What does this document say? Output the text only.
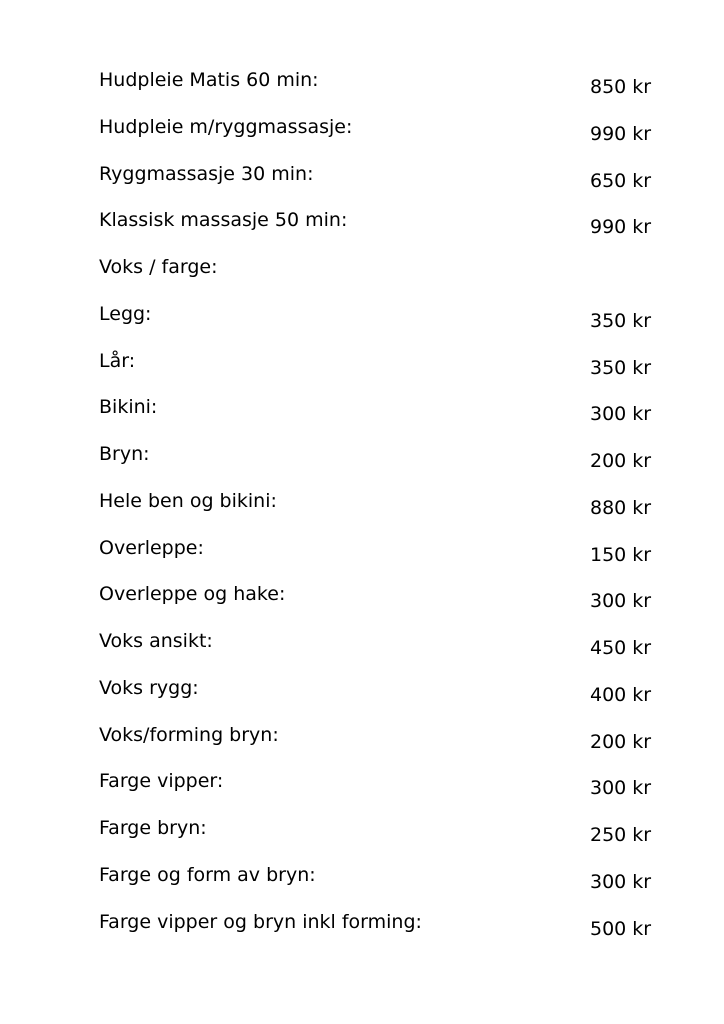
Hudpleie Matis 60 min:	850 kr
Hudpleie m/ryggmassasje:	990 kr
Ryggmassasje 30 min:	650 kr
Klassisk massasje 50 min:	990 kr
Voks / farge:
Legg:	350 kr
Lår:	350 kr
Bikini:	300 kr
Bryn:	200 kr
Hele ben og bikini:	880 kr
Overleppe:	150 kr
Overleppe og hake:	300 kr
Voks ansikt:	450 kr
Voks rygg:	400 kr
Voks/forming bryn:	200 kr
Farge vipper:	300 kr
Farge bryn:	250 kr
Farge og form av bryn:	300 kr
Farge vipper og bryn inkl forming:	500 kr
